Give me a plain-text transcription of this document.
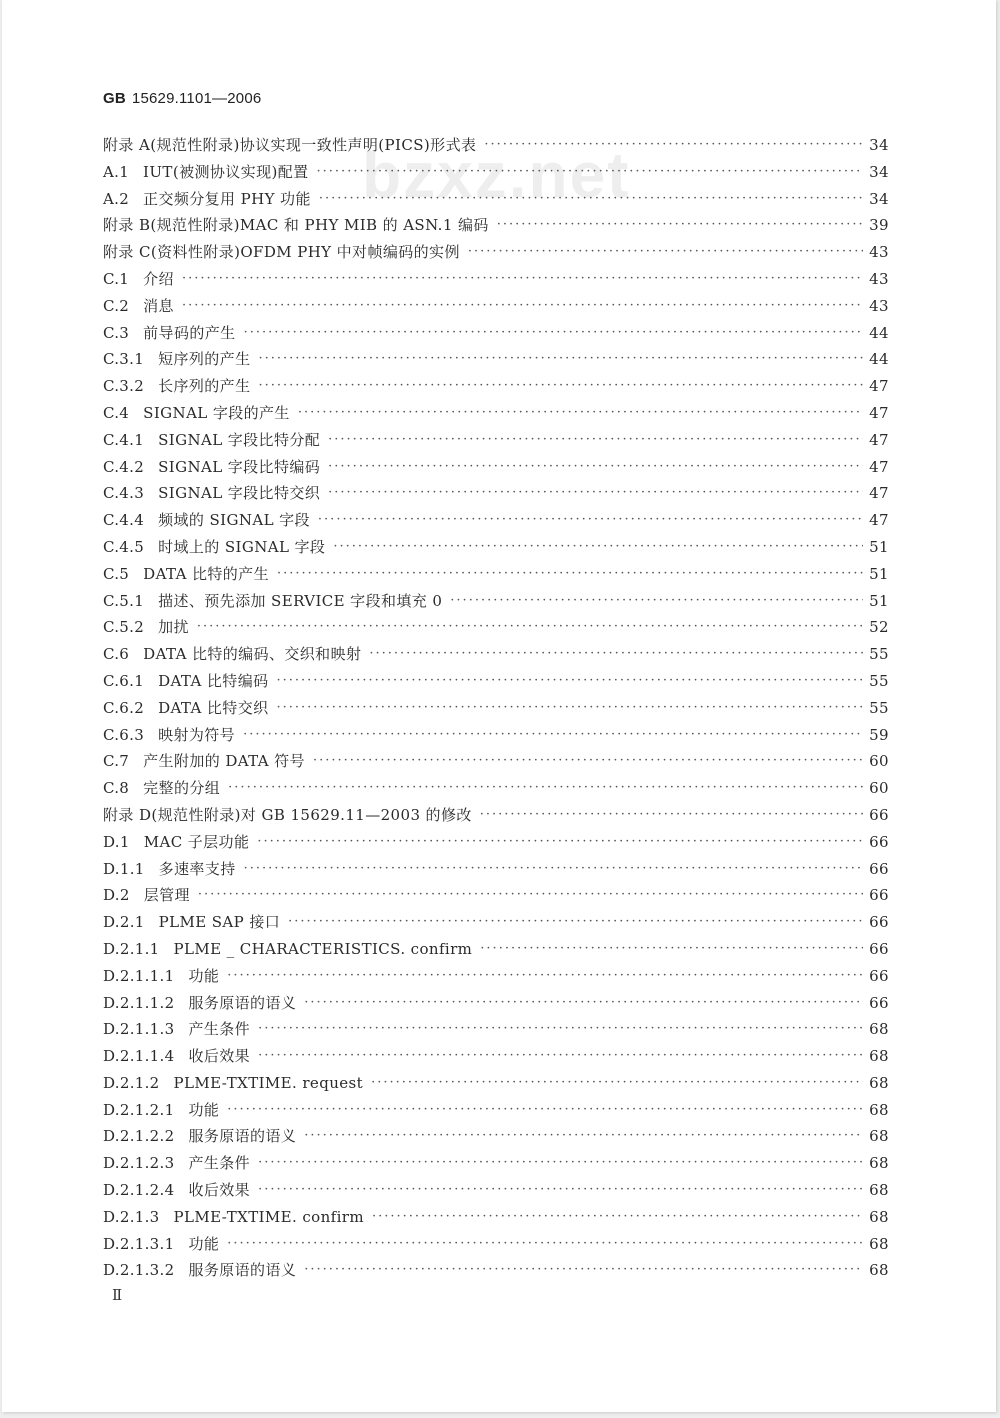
GB 15629.1101—2006
bzxz.net
附录 A(规范性附录)协议实现一致性声明(PICS)形式表 ·····	34
A.1 IUT(被测协议实现)配置 ·····	34
A.2 正交频分复用 PHY 功能 ·····	34
附录 B(规范性附录)MAC 和 PHY MIB 的 ASN.1 编码 ·····	39
附录 C(资料性附录)OFDM PHY 中对帧编码的实例 ·····	43
C.1 介绍 ·····	43
C.2 消息 ·····	43
C.3 前导码的产生 ·····	44
C.3.1 短序列的产生 ·····	44
C.3.2 长序列的产生 ·····	47
C.4 SIGNAL 字段的产生 ·····	47
C.4.1 SIGNAL 字段比特分配 ·····	47
C.4.2 SIGNAL 字段比特编码 ·····	47
C.4.3 SIGNAL 字段比特交织 ·····	47
C.4.4 频域的 SIGNAL 字段 ·····	47
C.4.5 时域上的 SIGNAL 字段 ·····	51
C.5 DATA 比特的产生 ·····	51
C.5.1 描述、预先添加 SERVICE 字段和填充 0 ·····	51
C.5.2 加扰 ·····	52
C.6 DATA 比特的编码、交织和映射 ·····	55
C.6.1 DATA 比特编码 ·····	55
C.6.2 DATA 比特交织 ·····	55
C.6.3 映射为符号 ·····	59
C.7 产生附加的 DATA 符号 ·····	60
C.8 完整的分组 ·····	60
附录 D(规范性附录)对 GB 15629.11—2003 的修改 ·····	66
D.1 MAC 子层功能 ·····	66
D.1.1 多速率支持 ·····	66
D.2 层管理 ·····	66
D.2.1 PLME SAP 接口 ·····	66
D.2.1.1 PLME _ CHARACTERISTICS. confirm ·····	66
D.2.1.1.1 功能 ·····	66
D.2.1.1.2 服务原语的语义 ·····	66
D.2.1.1.3 产生条件 ·····	68
D.2.1.1.4 收后效果 ·····	68
D.2.1.2 PLME-TXTIME. request ·····	68
D.2.1.2.1 功能 ·····	68
D.2.1.2.2 服务原语的语义 ·····	68
D.2.1.2.3 产生条件 ·····	68
D.2.1.2.4 收后效果 ·····	68
D.2.1.3 PLME-TXTIME. confirm ·····	68
D.2.1.3.1 功能 ·····	68
D.2.1.3.2 服务原语的语义 ·····	68
Ⅱ
